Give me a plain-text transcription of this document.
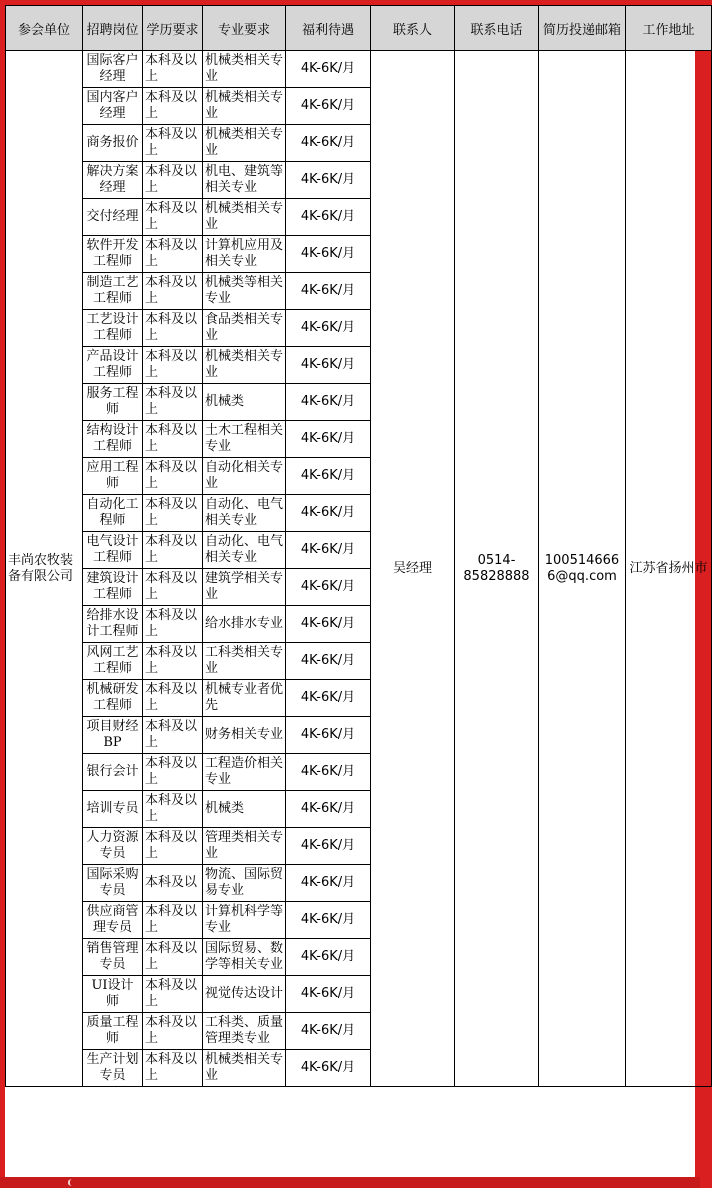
参会单位	招聘岗位	学历要求	专业要求	福利待遇	联系人	联系电话	简历投递邮箱	工作地址
丰尚农牧装备有限公司	国际客户经理	本科及以上	机械类相关专业	4K-6K/月	吴经理	0514-85828888	1005146666@qq.com	江苏省扬州市
	国内客户经理	本科及以上	机械类相关专业	4K-6K/月				
	商务报价	本科及以上	机械类相关专业	4K-6K/月				
	解决方案经理	本科及以上	机电、建筑等相关专业	4K-6K/月				
	交付经理	本科及以上	机械类相关专业	4K-6K/月				
	软件开发工程师	本科及以上	计算机应用及相关专业	4K-6K/月				
	制造工艺工程师	本科及以上	机械类等相关专业	4K-6K/月				
	工艺设计工程师	本科及以上	食品类相关专业	4K-6K/月				
	产品设计工程师	本科及以上	机械类相关专业	4K-6K/月				
	服务工程师	本科及以上	机械类	4K-6K/月				
	结构设计工程师	本科及以上	土木工程相关专业	4K-6K/月				
	应用工程师	本科及以上	自动化相关专业	4K-6K/月				
	自动化工程师	本科及以上	自动化、电气相关专业	4K-6K/月				
	电气设计工程师	本科及以上	自动化、电气相关专业	4K-6K/月				
	建筑设计工程师	本科及以上	建筑学相关专业	4K-6K/月				
	给排水设计工程师	本科及以上	给水排水专业	4K-6K/月				
	风网工艺工程师	本科及以上	工科类相关专业	4K-6K/月				
	机械研发工程师	本科及以上	机械专业者优先	4K-6K/月				
	项目财经BP	本科及以上	财务相关专业	4K-6K/月				
	银行会计	本科及以上	工程造价相关专业	4K-6K/月				
	培训专员	本科及以上	机械类	4K-6K/月				
	人力资源专员	本科及以上	管理类相关专业	4K-6K/月				
	国际采购专员	本科及以	物流、国际贸易专业	4K-6K/月				
	供应商管理专员	本科及以上	计算机科学等专业	4K-6K/月				
	销售管理专员	本科及以上	国际贸易、数学等相关专业	4K-6K/月				
	UI设计师	本科及以上	视觉传达设计	4K-6K/月				
	质量工程师	本科及以上	工科类、质量管理类专业	4K-6K/月				
	生产计划专员	本科及以上	机械类相关专业	4K-6K/月				
